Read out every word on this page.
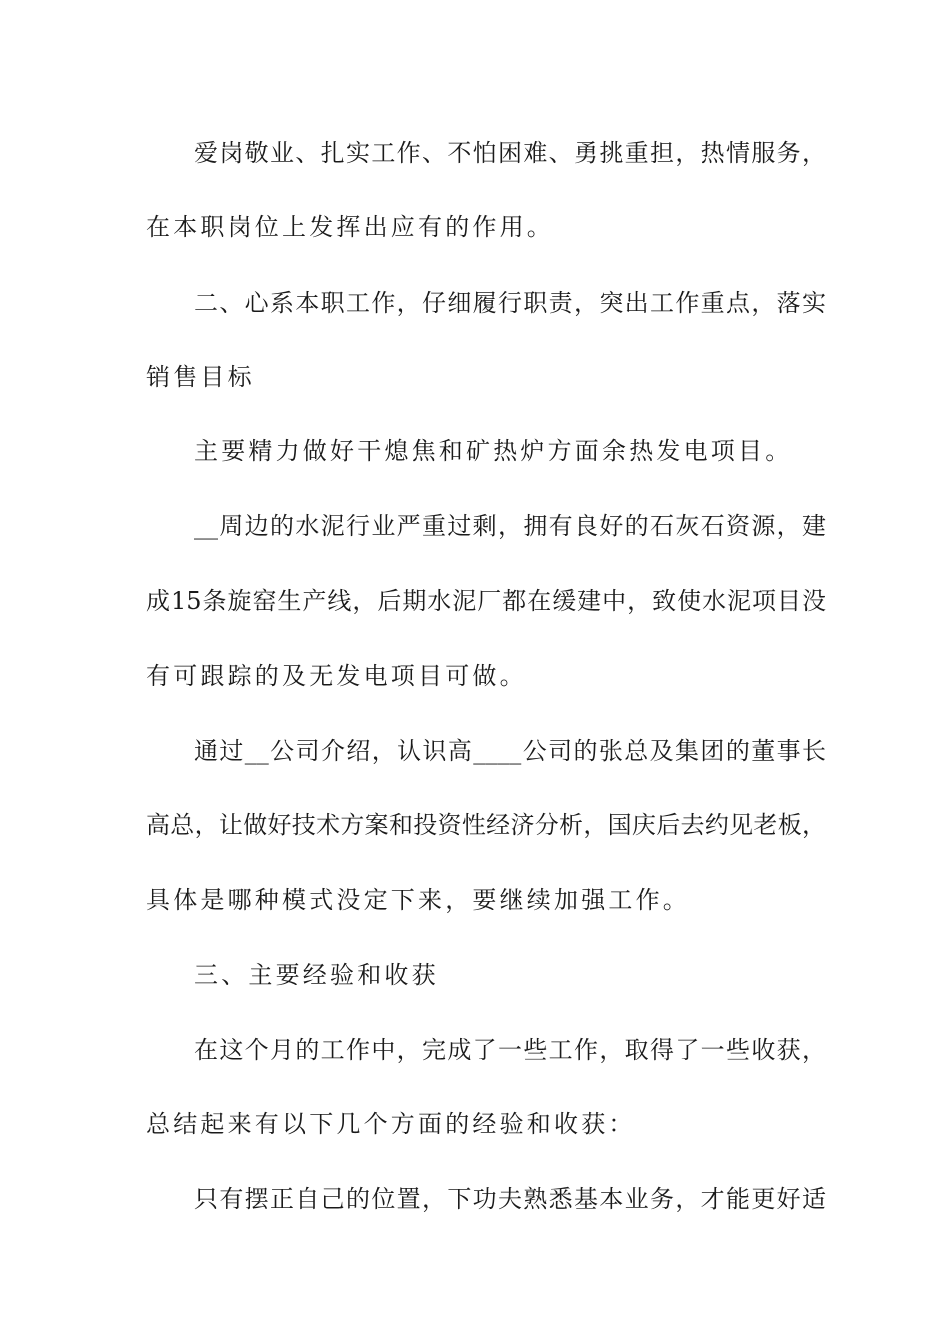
爱岗敬业、扎实工作、不怕困难、勇挑重担，热情服务，
在本职岗位上发挥出应有的作用。
二、心系本职工作，仔细履行职责，突出工作重点，落实
销售目标
主要精力做好干熄焦和矿热炉方面余热发电项目。
__周边的水泥行业严重过剩，拥有良好的石灰石资源，建
成15条旋窑生产线，后期水泥厂都在缓建中，致使水泥项目没
有可跟踪的及无发电项目可做。
通过__公司介绍，认识高____公司的张总及集团的董事长
高总，让做好技术方案和投资性经济分析，国庆后去约见老板，
具体是哪种模式没定下来，要继续加强工作。
三、主要经验和收获
在这个月的工作中，完成了一些工作，取得了一些收获，
总结起来有以下几个方面的经验和收获：
只有摆正自己的位置，下功夫熟悉基本业务，才能更好适
